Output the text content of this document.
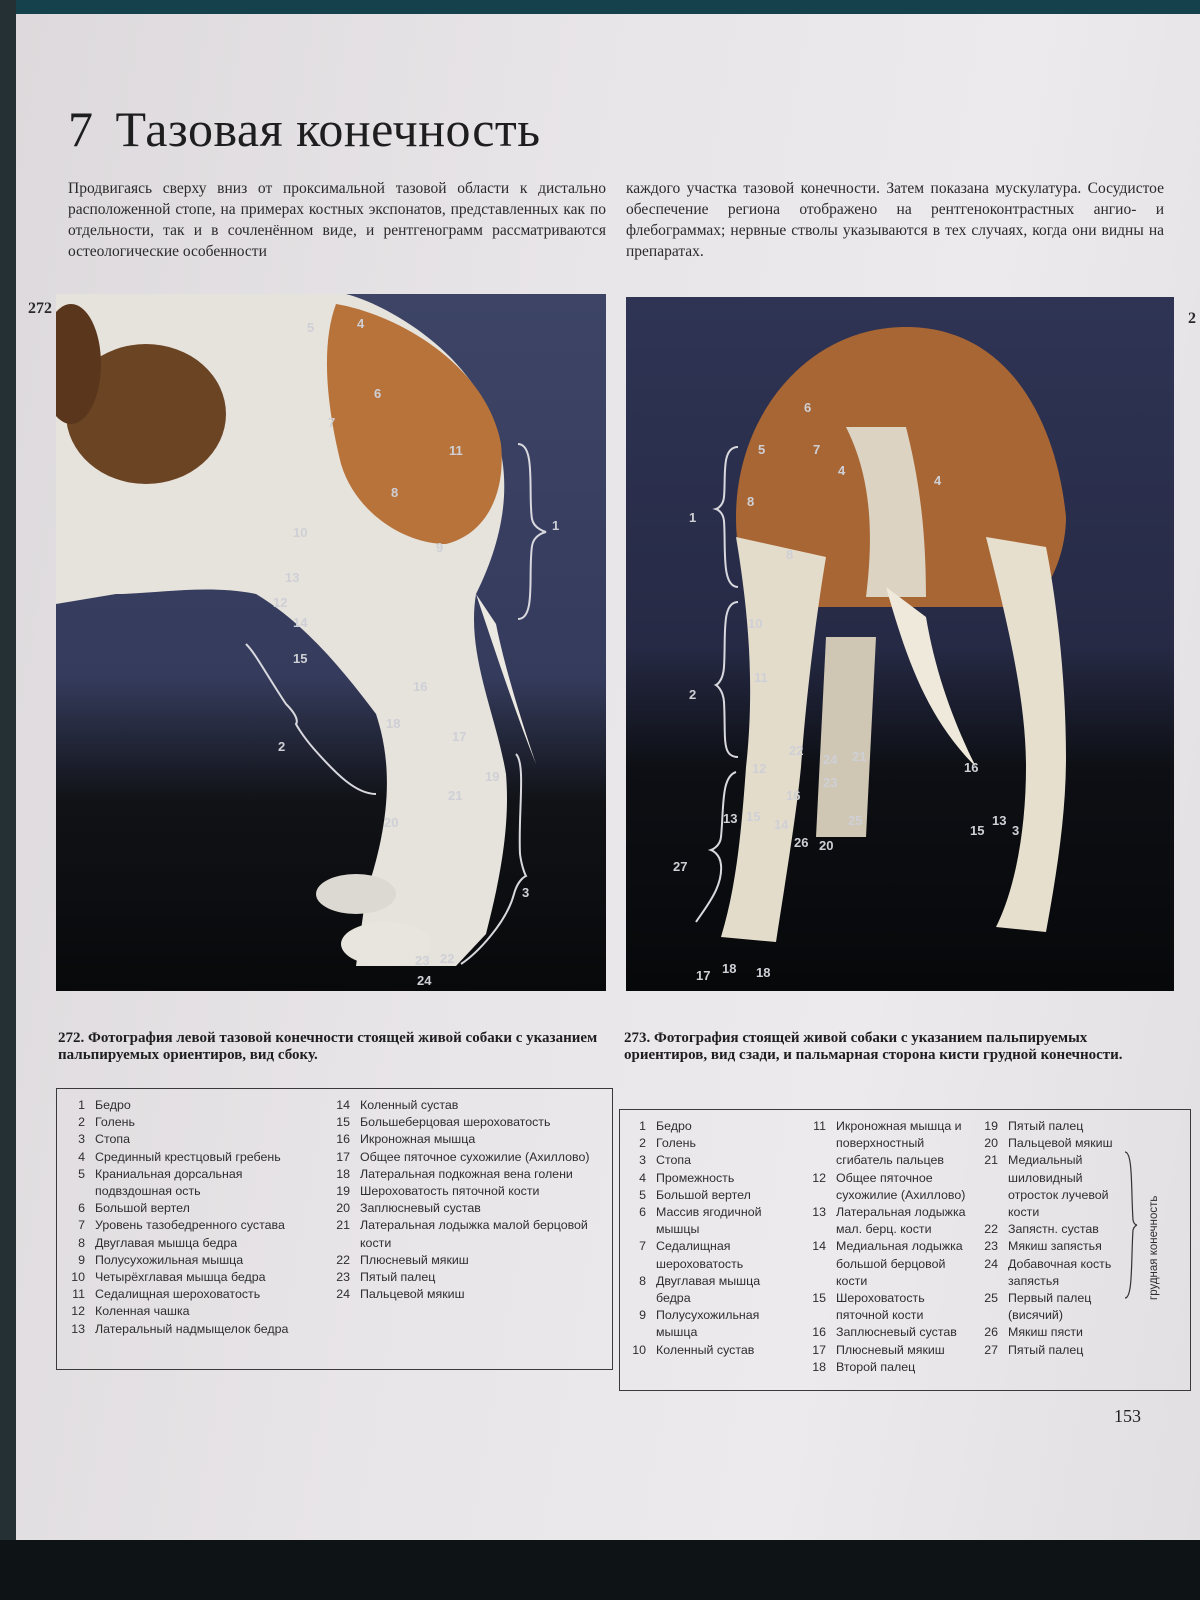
7 Тазовая конечность

Продвигаясь сверху вниз от проксимальной тазовой области к дистально расположенной стопе, на примерах костных экспонатов, представленных как по отдельности, так и в сочленённом виде, и рентгенограмм рассматриваются остеологические особенности

каждого участка тазовой конечности. Затем показана мускулатура. Сосудистое обеспечение региона отображено на рентгеноконтрастных ангио- и флебограммах; нервные стволы указываются в тех случаях, когда они видны на препаратах.

272
2
5	4
6
7
11
8
9
10
13
12
14
15
16
18
17
2
19
21
20
1
3
23 22
24
6
5	7
4
4
8
1
8
10
2
11
22
24 21
12	16
23
16
13 15
14	25
15
13
3
27
26 20
17 18 18

272. Фотография левой тазовой конечности стоящей живой собаки с указанием пальпируемых ориентиров, вид сбоку.

273. Фотография стоящей живой собаки с указанием пальпируемых ориентиров, вид сзади, и пальмарная сторона кисти грудной конечности.

1 Бедро
2 Голень
3 Стопа
4 Срединный крестцовый гребень
5 Краниальная дорсальная подвздошная ость
6 Большой вертел
7 Уровень тазобедренного сустава
8 Двуглавая мышца бедра
9 Полусухожильная мышца
10 Четырёхглавая мышца бедра
11 Седалищная шероховатость
12 Коленная чашка
13 Латеральный надмыщелок бедра
14 Коленный сустав
15 Большеберцовая шероховатость
16 Икроножная мышца
17 Общее пяточное сухожилие (Ахиллово)
18 Латеральная подкожная вена голени
19 Шероховатость пяточной кости
20 Заплюсневый сустав
21 Латеральная лодыжка малой берцовой кости
22 Плюсневый мякиш
23 Пятый палец
24 Пальцевой мякиш
1 Бедро
2 Голень
3 Стопа
4 Промежность
5 Большой вертел
6 Массив ягодичной мышцы
7 Седалищная шероховатость
8 Двуглавая мышца бедра
9 Полусухожильная мышца
10 Коленный сустав
11 Икроножная мышца и поверхностный сгибатель пальцев
12 Общее пяточное сухожилие (Ахиллово)
13 Латеральная лодыжка мал. берц. кости
14 Медиальная лодыжка большой берцовой кости
15 Шероховатость пяточной кости
16 Заплюсневый сустав
17 Плюсневый мякиш
18 Второй палец
19 Пятый палец
20 Пальцевой мякиш
21 Медиальный шиловидный отросток лучевой кости
22 Запястн. сустав
23 Мякиш запястья
24 Добавочная кость запястья
25 Первый палец (висячий)
26 Мякиш пясти
27 Пятый палец
грудная конечность
153
